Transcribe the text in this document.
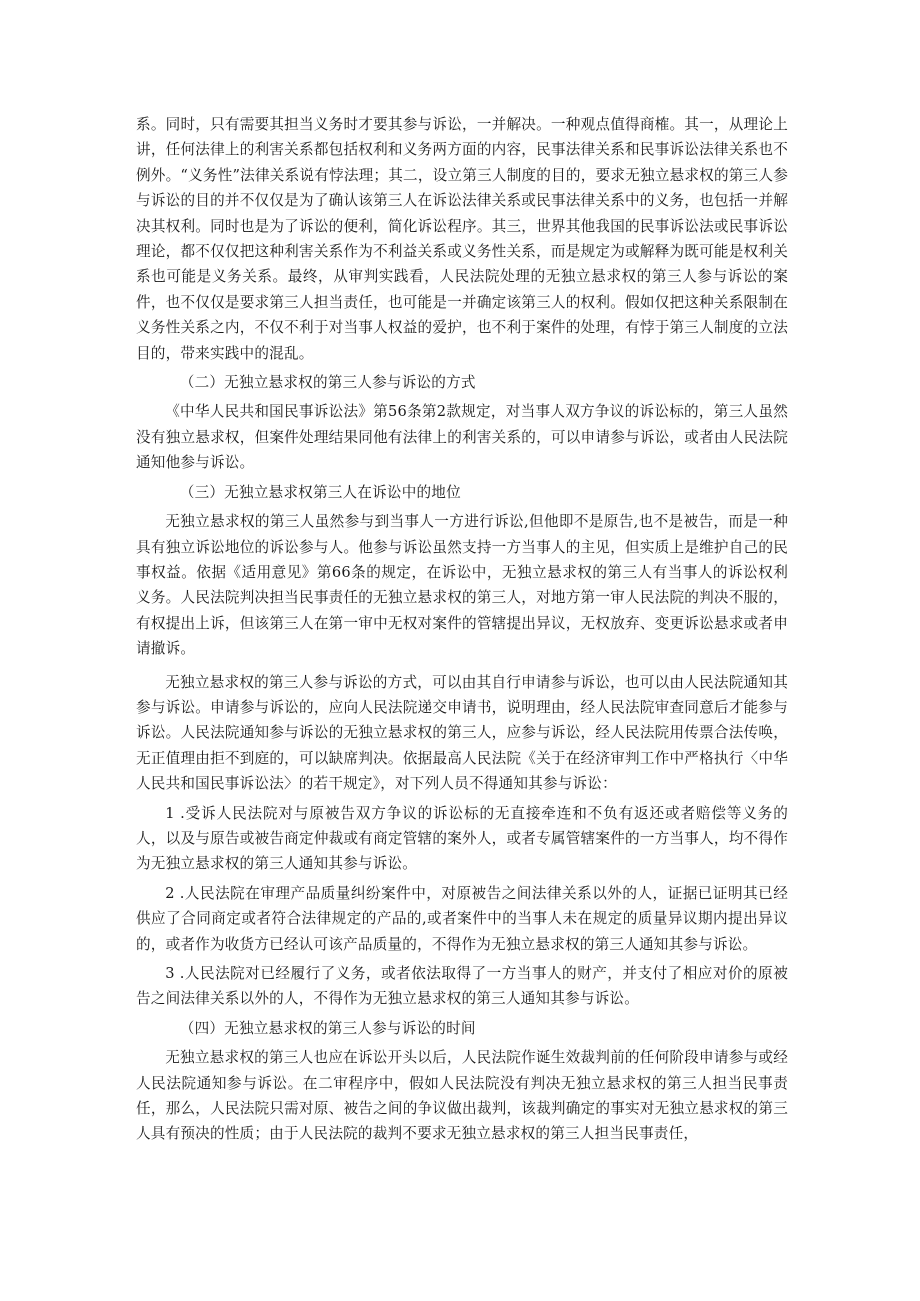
系。同时，只有需要其担当义务时才要其参与诉讼，一并解决。一种观点值得商榷。其一，从理论上讲，任何法律上的利害关系都包括权利和义务两方面的内容，民事法律关系和民事诉讼法律关系也不例外。“义务性”法律关系说有悖法理；其二，设立第三人制度的目的，要求无独立悬求权的第三人参与诉讼的目的并不仅仅是为了确认该第三人在诉讼法律关系或民事法律关系中的义务，也包括一并解决其权利。同时也是为了诉讼的便利，简化诉讼程序。其三，世界其他我国的民事诉讼法或民事诉讼理论，都不仅仅把这种利害关系作为不利益关系或义务性关系，而是规定为或解释为既可能是权利关系也可能是义务关系。最终，从审判实践看，人民法院处理的无独立悬求权的第三人参与诉讼的案件，也不仅仅是要求第三人担当责任，也可能是一并确定该第三人的权利。假如仅把这种关系限制在义务性关系之内，不仅不利于对当事人权益的爱护，也不利于案件的处理，有悖于第三人制度的立法目的，带来实践中的混乱。

（二）无独立悬求权的第三人参与诉讼的方式

《中华人民共和国民事诉讼法》第56条第2款规定，对当事人双方争议的诉讼标的，第三人虽然没有独立悬求权，但案件处理结果同他有法律上的利害关系的，可以申请参与诉讼，或者由人民法院通知他参与诉讼。

（三）无独立悬求权第三人在诉讼中的地位

无独立悬求权的第三人虽然参与到当事人一方进行诉讼,但他即不是原告,也不是被告，而是一种具有独立诉讼地位的诉讼参与人。他参与诉讼虽然支持一方当事人的主见，但实质上是维护自己的民事权益。依据《适用意见》第66条的规定，在诉讼中，无独立悬求权的第三人有当事人的诉讼权利义务。人民法院判决担当民事责任的无独立悬求权的第三人，对地方第一审人民法院的判决不服的，有权提出上诉，但该第三人在第一审中无权对案件的管辖提出异议，无权放弃、变更诉讼悬求或者申请撤诉。

无独立悬求权的第三人参与诉讼的方式，可以由其自行申请参与诉讼，也可以由人民法院通知其参与诉讼。申请参与诉讼的，应向人民法院递交申请书，说明理由，经人民法院审查同意后才能参与诉讼。人民法院通知参与诉讼的无独立悬求权的第三人，应参与诉讼，经人民法院用传票合法传唤，无正值理由拒不到庭的，可以缺席判决。依据最高人民法院《关于在经济审判工作中严格执行〈中华人民共和国民事诉讼法〉的若干规定》，对下列人员不得通知其参与诉讼：

1 .受诉人民法院对与原被告双方争议的诉讼标的无直接牵连和不负有返还或者赔偿等义务的人，以及与原告或被告商定仲裁或有商定管辖的案外人，或者专属管辖案件的一方当事人，均不得作为无独立悬求权的第三人通知其参与诉讼。

2 .人民法院在审理产品质量纠纷案件中，对原被告之间法律关系以外的人，证据已证明其已经供应了合同商定或者符合法律规定的产品的,或者案件中的当事人未在规定的质量异议期内提出异议的，或者作为收货方已经认可该产品质量的，不得作为无独立悬求权的第三人通知其参与诉讼。

3 .人民法院对已经履行了义务，或者依法取得了一方当事人的财产，并支付了相应对价的原被告之间法律关系以外的人，不得作为无独立悬求权的第三人通知其参与诉讼。

（四）无独立悬求权的第三人参与诉讼的时间

无独立悬求权的第三人也应在诉讼开头以后，人民法院作诞生效裁判前的任何阶段申请参与或经人民法院通知参与诉讼。在二审程序中，假如人民法院没有判决无独立悬求权的第三人担当民事责任，那么，人民法院只需对原、被告之间的争议做出裁判，该裁判确定的事实对无独立悬求权的第三人具有预决的性质；由于人民法院的裁判不要求无独立悬求权的第三人担当民事责任，
